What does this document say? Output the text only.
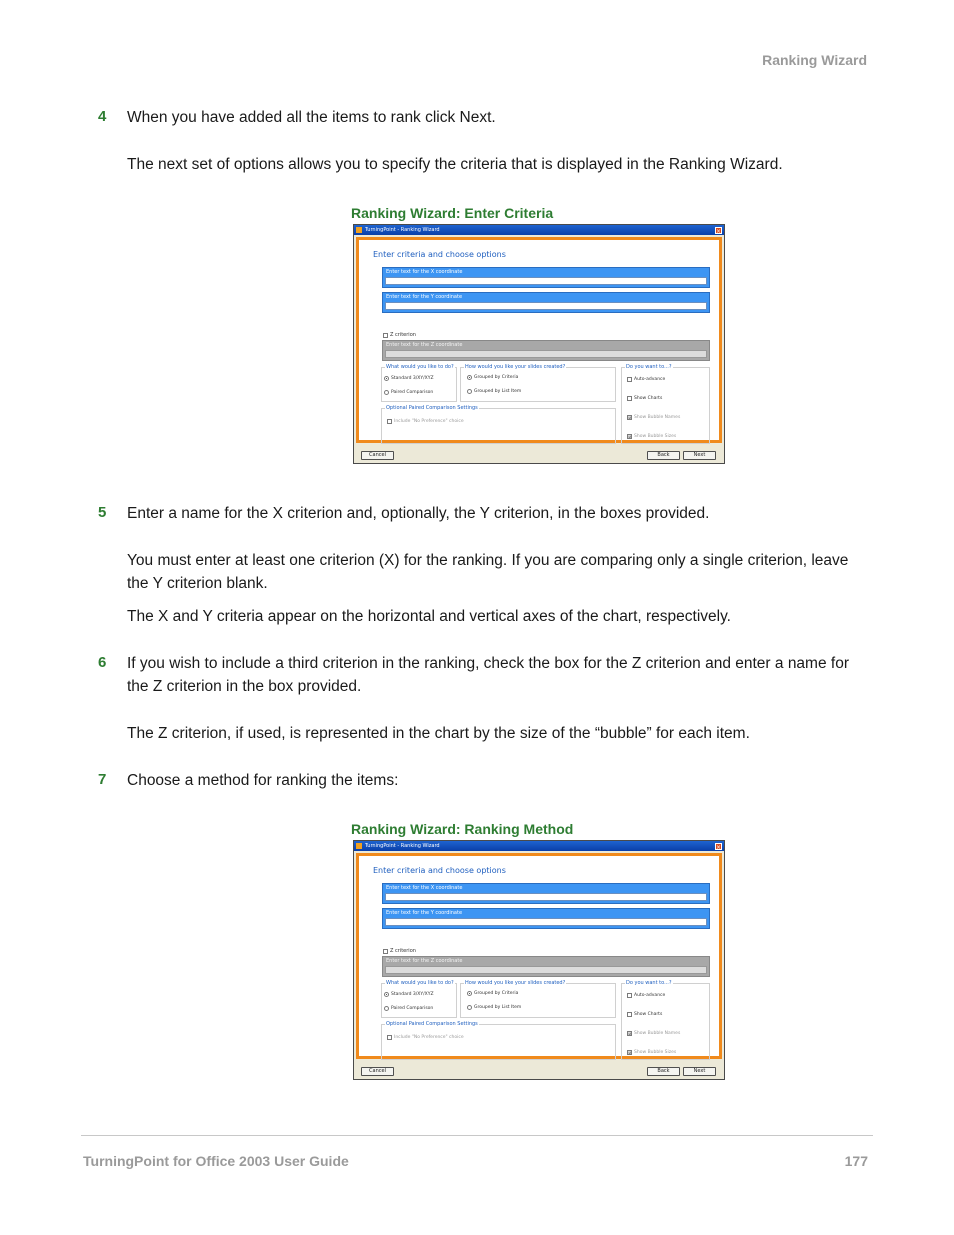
Ranking Wizard
4 When you have added all the items to rank click Next.
The next set of options allows you to specify the criteria that is displayed in the Ranking Wizard.
Ranking Wizard: Enter Criteria
TurningPoint - Ranking Wizard	×
Enter criteria and choose options
Enter text for the X coordinate
Enter text for the Y coordinate
Z criterion
Enter text for the Z coordinate
What would you like to do?
Standard 3/XY/XYZ
Paired Comparison
How would you like your slides created?
Grouped by Criteria
Grouped by List Item
Do you want to...?
Auto-advance
Show Charts
Show Bubble Names
Show Bubble Sizes
Optional Paired Comparison Settings
Include "No Preference" choice
Cancel	Back	Next
5 Enter a name for the X criterion and, optionally, the Y criterion, in the boxes provided.
You must enter at least one criterion (X) for the ranking. If you are comparing only a single criterion, leave the Y criterion blank.
The X and Y criteria appear on the horizontal and vertical axes of the chart, respectively.
6 If you wish to include a third criterion in the ranking, check the box for the Z criterion and enter a name for the Z criterion in the box provided.
The Z criterion, if used, is represented in the chart by the size of the “bubble” for each item.
7 Choose a method for ranking the items:
Ranking Wizard: Ranking Method
TurningPoint - Ranking Wizard	×
Enter criteria and choose options
Enter text for the X coordinate
Enter text for the Y coordinate
Z criterion
Enter text for the Z coordinate
What would you like to do?
Standard 3/XY/XYZ
Paired Comparison
How would you like your slides created?
Grouped by Criteria
Grouped by List Item
Do you want to...?
Auto-advance
Show Charts
Show Bubble Names
Show Bubble Sizes
Optional Paired Comparison Settings
Include "No Preference" choice
Cancel	Back	Next
TurningPoint for Office 2003 User Guide	177
